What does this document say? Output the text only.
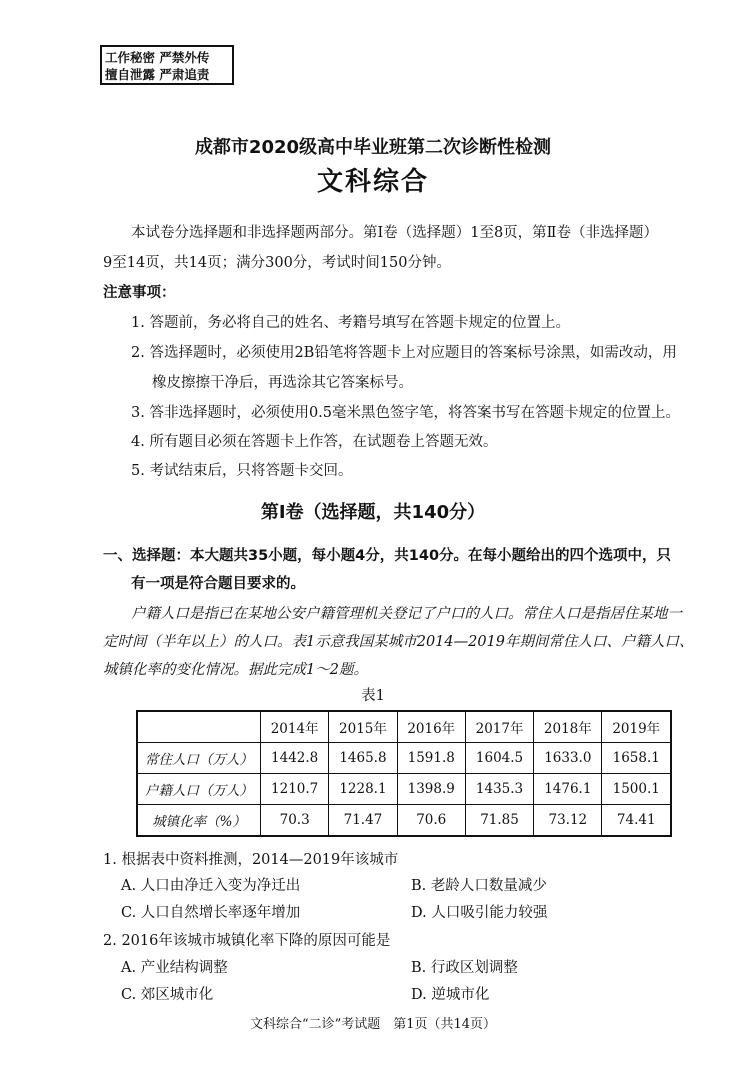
工作秘密 严禁外传
擅自泄露 严肃追责
成都市2020级高中毕业班第二次诊断性检测
文科综合
本试卷分选择题和非选择题两部分。第Ⅰ卷（选择题）1至8页，第Ⅱ卷（非选择题）
9至14页，共14页；满分300分，考试时间150分钟。
注意事项：
1. 答题前，务必将自己的姓名、考籍号填写在答题卡规定的位置上。
2. 答选择题时，必须使用2B铅笔将答题卡上对应题目的答案标号涂黑，如需改动，用
橡皮擦擦干净后，再选涂其它答案标号。
3. 答非选择题时，必须使用0.5毫米黑色签字笔，将答案书写在答题卡规定的位置上。
4. 所有题目必须在答题卡上作答，在试题卷上答题无效。
5. 考试结束后，只将答题卡交回。
第Ⅰ卷（选择题，共140分）
一、选择题：本大题共35小题，每小题4分，共140分。在每小题给出的四个选项中，只
有一项是符合题目要求的。
户籍人口是指已在某地公安户籍管理机关登记了户口的人口。常住人口是指居住某地一
定时间（半年以上）的人口。表1示意我国某城市2014—2019年期间常住人口、户籍人口、
城镇化率的变化情况。据此完成1～2题。
表1
	2014年	2015年	2016年	2017年	2018年	2019年
常住人口（万人）	1442.8	1465.8	1591.8	1604.5	1633.0	1658.1
户籍人口（万人）	1210.7	1228.1	1398.9	1435.3	1476.1	1500.1
城镇化率（%）	70.3	71.47	70.6	71.85	73.12	74.41
1. 根据表中资料推测，2014—2019年该城市
A. 人口由净迁入变为净迁出	B. 老龄人口数量减少
C. 人口自然增长率逐年增加	D. 人口吸引能力较强
2. 2016年该城市城镇化率下降的原因可能是
A. 产业结构调整	B. 行政区划调整
C. 郊区城市化	D. 逆城市化
文科综合“二诊”考试题　第1页（共14页）
